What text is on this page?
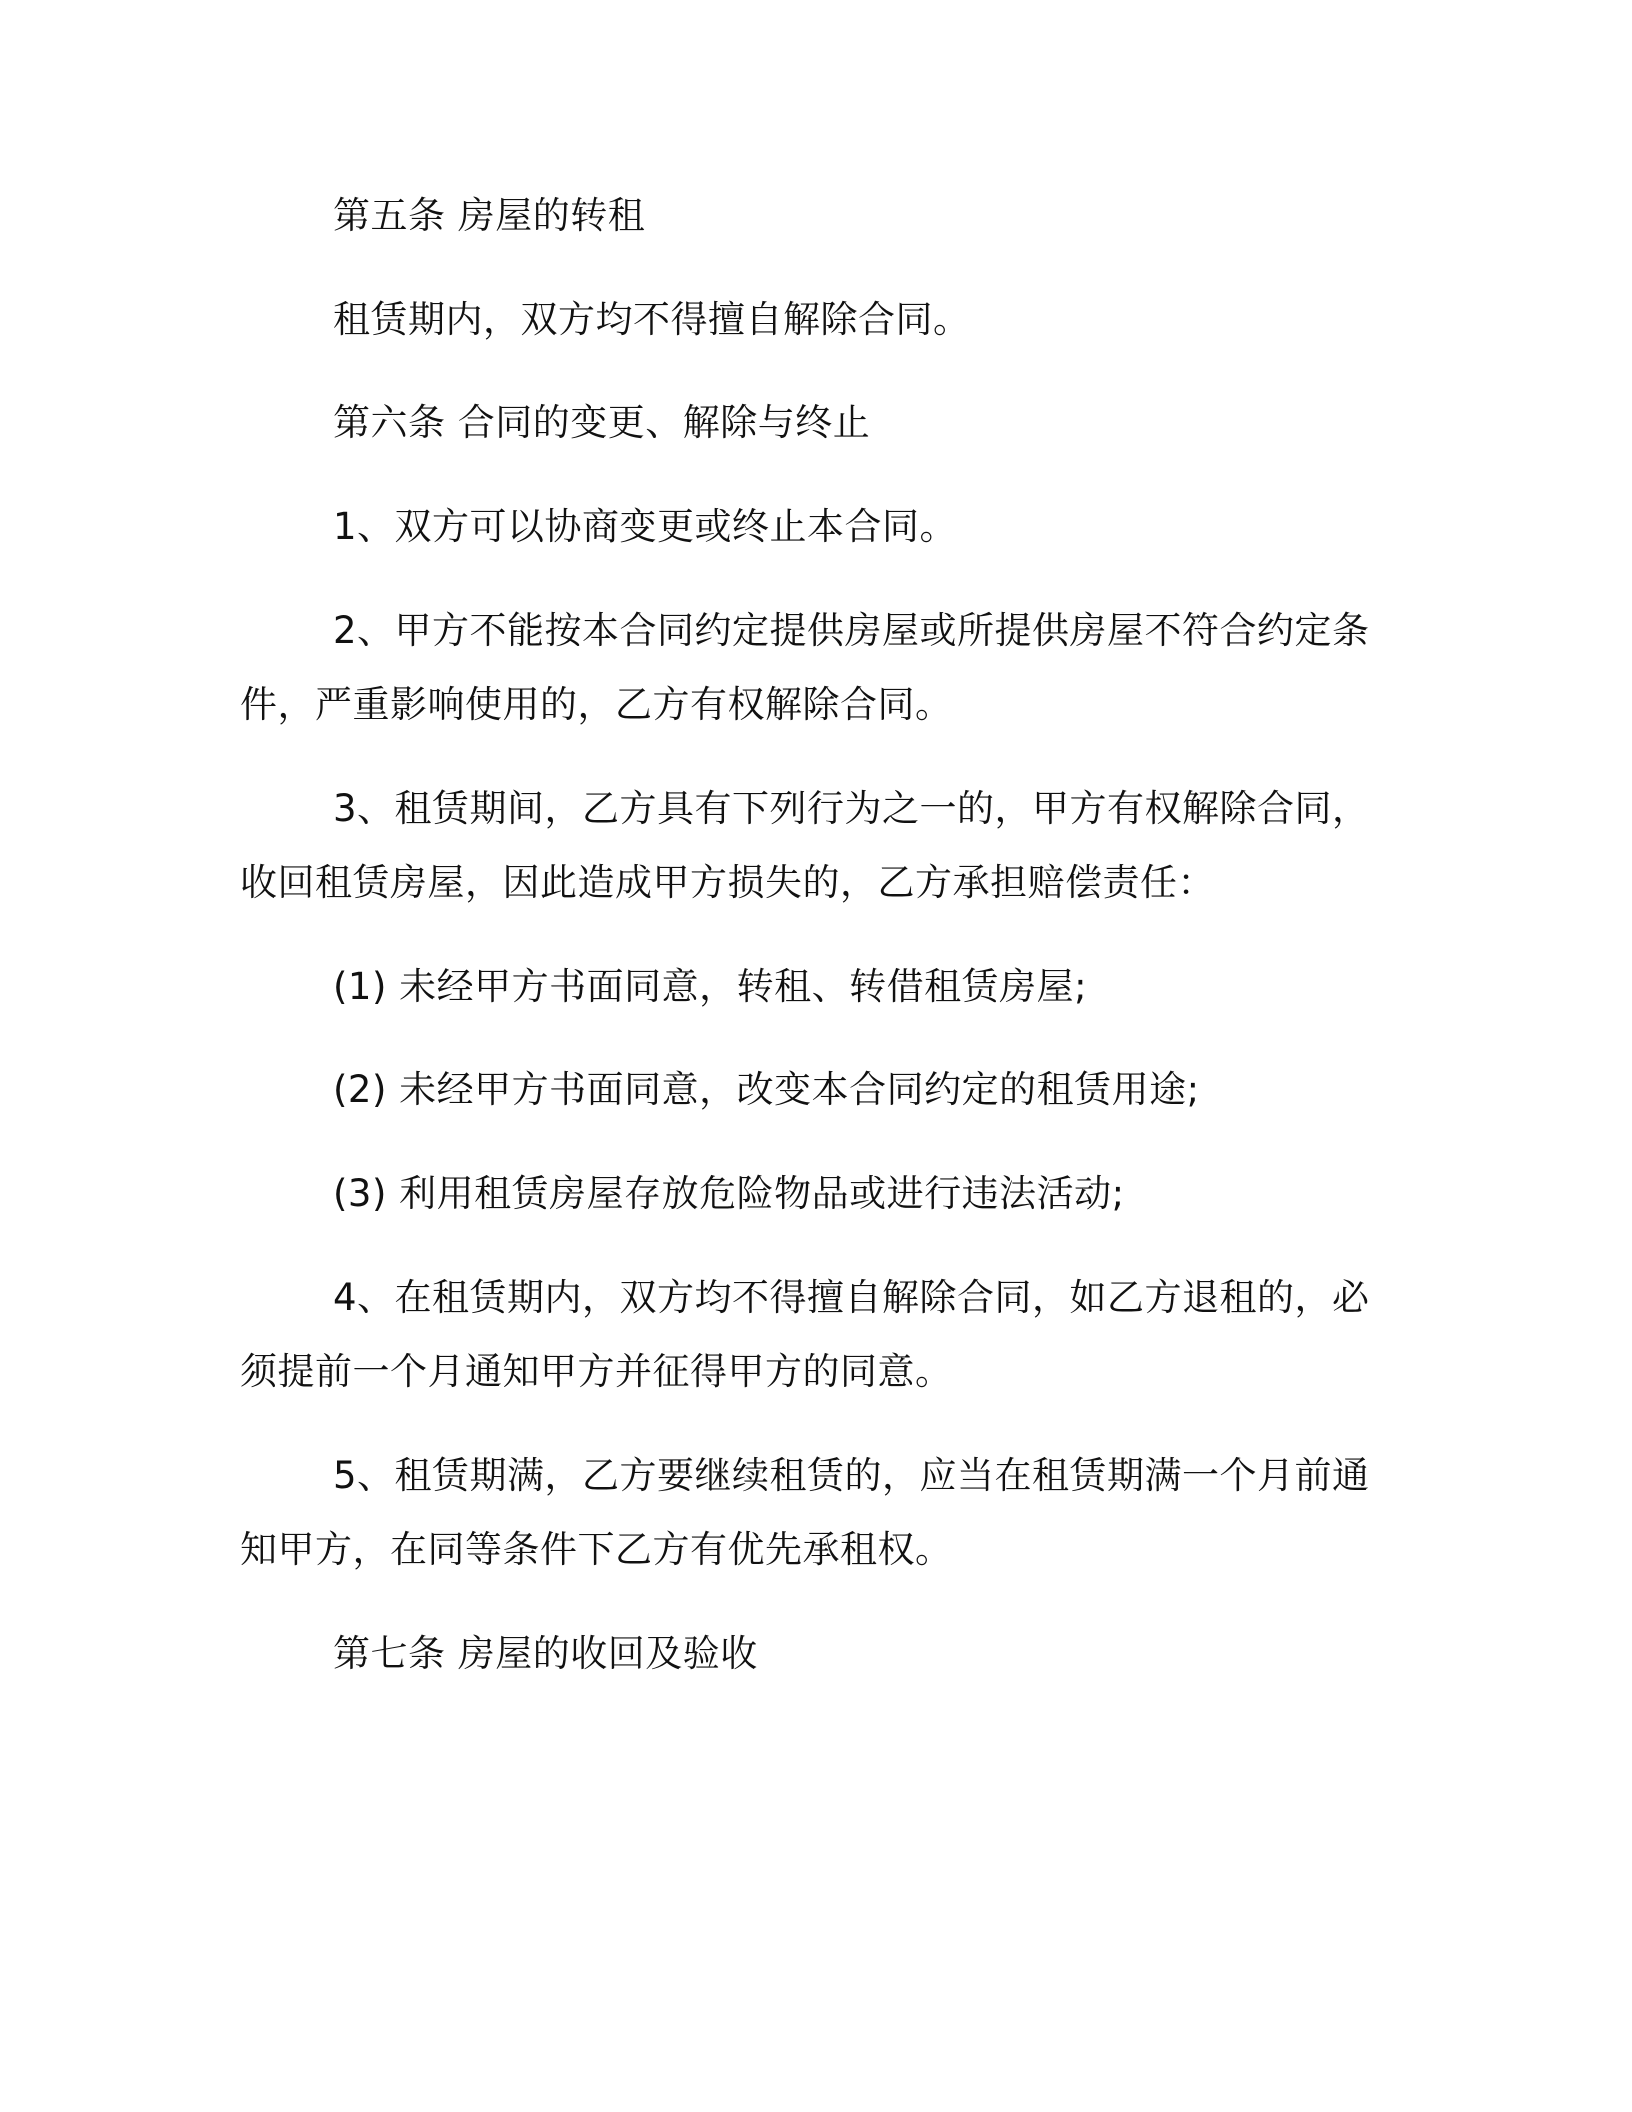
第五条 房屋的转租
租赁期内，双方均不得擅自解除合同。
第六条 合同的变更、解除与终止
1、双方可以协商变更或终止本合同。
2、甲方不能按本合同约定提供房屋或所提供房屋不符合约定条
件，严重影响使用的，乙方有权解除合同。
3、租赁期间，乙方具有下列行为之一的，甲方有权解除合同，
收回租赁房屋，因此造成甲方损失的，乙方承担赔偿责任：
(1) 未经甲方书面同意，转租、转借租赁房屋;
(2) 未经甲方书面同意，改变本合同约定的租赁用途;
(3) 利用租赁房屋存放危险物品或进行违法活动;
4、在租赁期内，双方均不得擅自解除合同，如乙方退租的，必
须提前一个月通知甲方并征得甲方的同意。
5、租赁期满，乙方要继续租赁的，应当在租赁期满一个月前通
知甲方，在同等条件下乙方有优先承租权。
第七条 房屋的收回及验收
